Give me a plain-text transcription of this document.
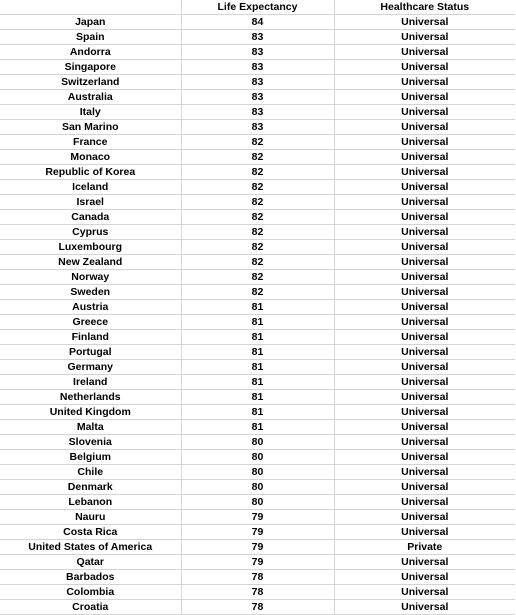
	Life Expectancy	Healthcare Status
Japan	84	Universal
Spain	83	Universal
Andorra	83	Universal
Singapore	83	Universal
Switzerland	83	Universal
Australia	83	Universal
Italy	83	Universal
San Marino	83	Universal
France	82	Universal
Monaco	82	Universal
Republic of Korea	82	Universal
Iceland	82	Universal
Israel	82	Universal
Canada	82	Universal
Cyprus	82	Universal
Luxembourg	82	Universal
New Zealand	82	Universal
Norway	82	Universal
Sweden	82	Universal
Austria	81	Universal
Greece	81	Universal
Finland	81	Universal
Portugal	81	Universal
Germany	81	Universal
Ireland	81	Universal
Netherlands	81	Universal
United Kingdom	81	Universal
Malta	81	Universal
Slovenia	80	Universal
Belgium	80	Universal
Chile	80	Universal
Denmark	80	Universal
Lebanon	80	Universal
Nauru	79	Universal
Costa Rica	79	Universal
United States of America	79	Private
Qatar	79	Universal
Barbados	78	Universal
Colombia	78	Universal
Croatia	78	Universal
